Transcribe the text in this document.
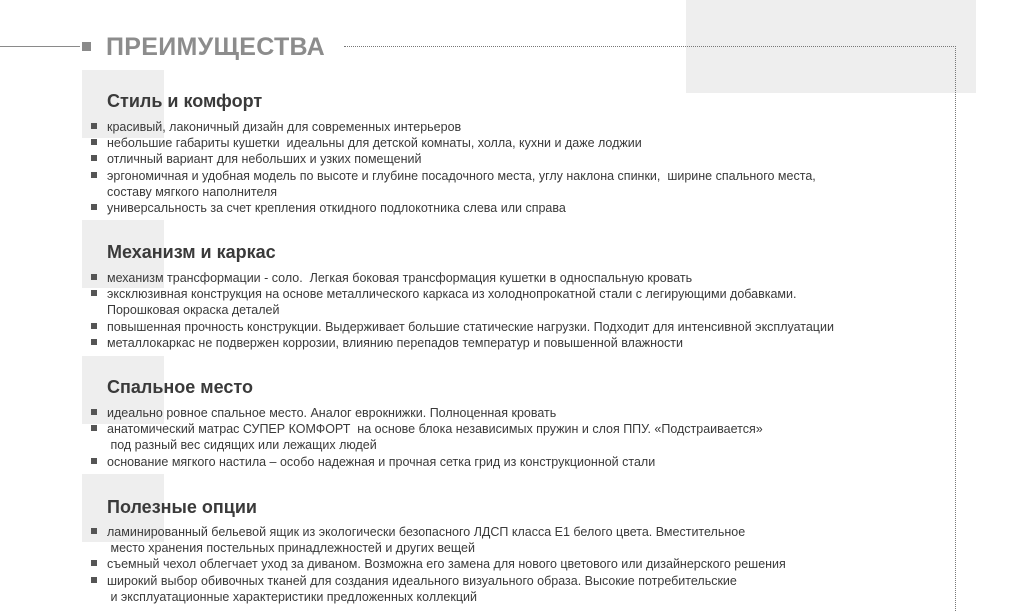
ПРЕИМУЩЕСТВА
Стиль и комфорт
красивый, лаконичный дизайн для современных интерьеров
небольшие габариты кушетки  идеальны для детской комнаты, холла, кухни и даже лоджии
отличный вариант для небольших и узких помещений
эргономичная и удобная модель по высоте и глубине посадочного места, углу наклона спинки,  ширине спального места,
составу мягкого наполнителя
универсальность за счет крепления откидного подлокотника слева или справа
Механизм и каркас
механизм трансформации - соло.  Легкая боковая трансформация кушетки в односпальную кровать
эксклюзивная конструкция на основе металлического каркаса из холоднопрокатной стали с легирующими добавками.
Порошковая окраска деталей
повышенная прочность конструкции. Выдерживает большие статические нагрузки. Подходит для интенсивной эксплуатации
металлокаркас не подвержен коррозии, влиянию перепадов температур и повышенной влажности
Спальное место
идеально ровное спальное место. Аналог еврокнижки. Полноценная кровать
анатомический матрас СУПЕР КОМФОРТ  на основе блока независимых пружин и слоя ППУ. «Подстраивается»
под разный вес сидящих или лежащих людей
основание мягкого настила – особо надежная и прочная сетка грид из конструкционной стали
Полезные опции
ламинированный бельевой ящик из экологически безопасного ЛДСП класса Е1 белого цвета. Вместительное
место хранения постельных принадлежностей и других вещей
съемный чехол облегчает уход за диваном. Возможна его замена для нового цветового или дизайнерского решения
широкий выбор обивочных тканей для создания идеального визуального образа. Высокие потребительские
и эксплуатационные характеристики предложенных коллекций
